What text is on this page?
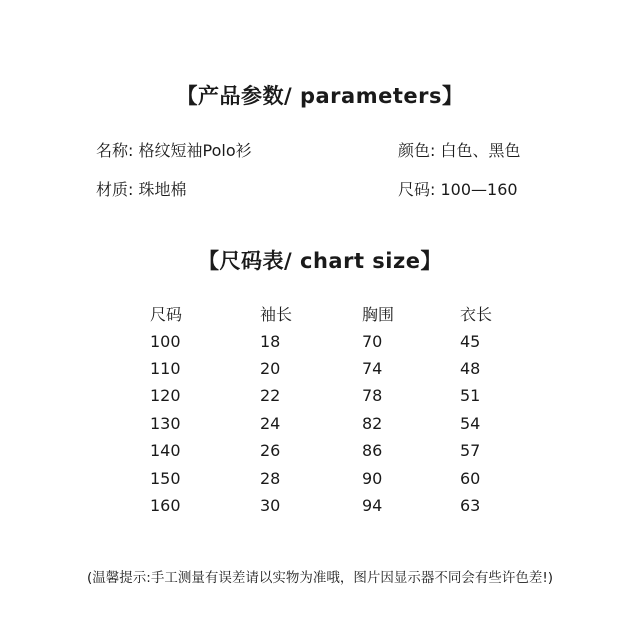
【产品参数/ parameters】
名称: 格纹短袖Polo衫	颜色: 白色、黑色
材质: 珠地棉	尺码: 100—160
【尺码表/ chart size】
尺码	袖长	胸围	衣长
100	18	70	45
110	20	74	48
120	22	78	51
130	24	82	54
140	26	86	57
150	28	90	60
160	30	94	63
(温馨提示:手工测量有误差请以实物为准哦，图片因显示器不同会有些许色差!)
